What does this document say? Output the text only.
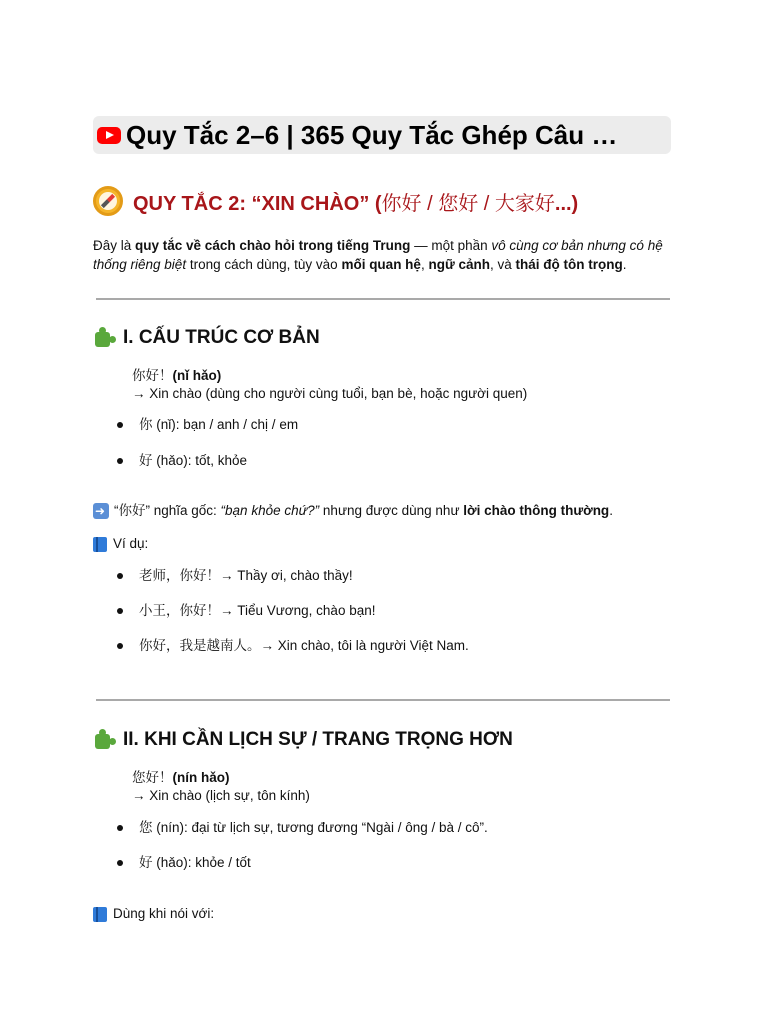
Quy Tắc 2–6 | 365 Quy Tắc Ghép Câu …
QUY TẮC 2: “XIN CHÀO” (你好 / 您好 / 大家好...)
Đây là quy tắc về cách chào hỏi trong tiếng Trung — một phần vô cùng cơ bản nhưng có hệ thống riêng biệt trong cách dùng, tùy vào mối quan hệ, ngữ cảnh, và thái độ tôn trọng.
I. CẤU TRÚC CƠ BẢN
你好！(nǐ hǎo)
→ Xin chào (dùng cho người cùng tuổi, bạn bè, hoặc người quen)
你 (nǐ): bạn / anh / chị / em
好 (hǎo): tốt, khỏe
➜
“你好” nghĩa gốc: “bạn khỏe chứ?” nhưng được dùng như lời chào thông thường.
Ví dụ:
老师，你好！→ Thầy ơi, chào thầy!
小王，你好！→ Tiểu Vương, chào bạn!
你好，我是越南人。→ Xin chào, tôi là người Việt Nam.
II. KHI CẦN LỊCH SỰ / TRANG TRỌNG HƠN
您好！(nín hǎo)
→ Xin chào (lịch sự, tôn kính)
您 (nín): đại từ lịch sự, tương đương “Ngài / ông / bà / cô”.
好 (hǎo): khỏe / tốt
Dùng khi nói với:
